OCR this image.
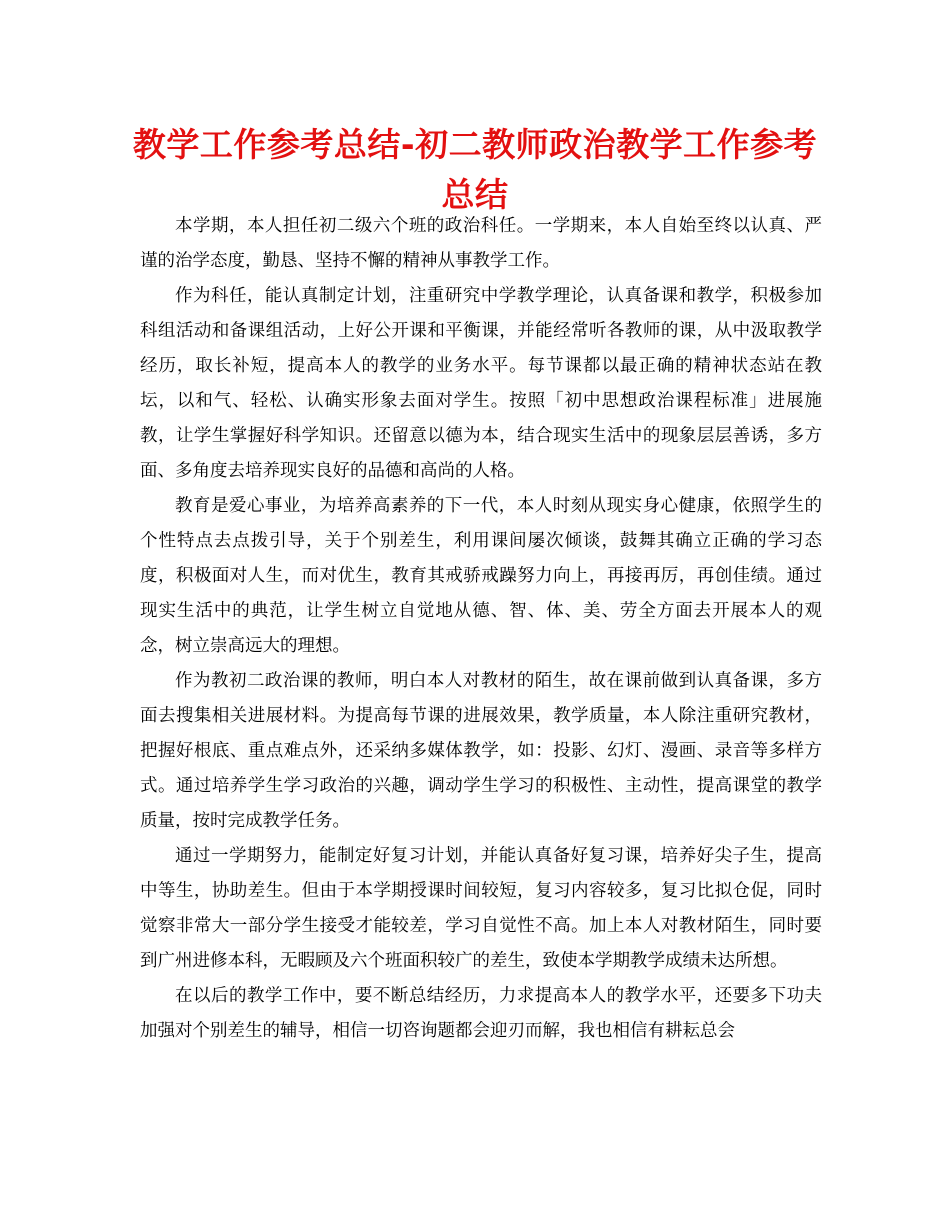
教学工作参考总结-初二教师政治教学工作参考总结

本学期，本人担任初二级六个班的政治科任。一学期来，本人自始至终以认真、严谨的治学态度，勤恳、坚持不懈的精神从事教学工作。

作为科任，能认真制定计划，注重研究中学教学理论，认真备课和教学，积极参加科组活动和备课组活动，上好公开课和平衡课，并能经常听各教师的课，从中汲取教学经历，取长补短，提高本人的教学的业务水平。每节课都以最正确的精神状态站在教坛，以和气、轻松、认确实形象去面对学生。按照「初中思想政治课程标准」进展施教，让学生掌握好科学知识。还留意以德为本，结合现实生活中的现象层层善诱，多方面、多角度去培养现实良好的品德和高尚的人格。

教育是爱心事业，为培养高素养的下一代，本人时刻从现实身心健康，依照学生的个性特点去点拨引导，关于个别差生，利用课间屡次倾谈，鼓舞其确立正确的学习态度，积极面对人生，而对优生，教育其戒骄戒躁努力向上，再接再厉，再创佳绩。通过现实生活中的典范，让学生树立自觉地从德、智、体、美、劳全方面去开展本人的观念，树立崇高远大的理想。

作为教初二政治课的教师，明白本人对教材的陌生，故在课前做到认真备课，多方面去搜集相关进展材料。为提高每节课的进展效果，教学质量，本人除注重研究教材，把握好根底、重点难点外，还采纳多媒体教学，如：投影、幻灯、漫画、录音等多样方式。通过培养学生学习政治的兴趣，调动学生学习的积极性、主动性，提高课堂的教学质量，按时完成教学任务。

通过一学期努力，能制定好复习计划，并能认真备好复习课，培养好尖子生，提高中等生，协助差生。但由于本学期授课时间较短，复习内容较多，复习比拟仓促，同时觉察非常大一部分学生接受才能较差，学习自觉性不高。加上本人对教材陌生，同时要到广州进修本科，无暇顾及六个班面积较广的差生，致使本学期教学成绩未达所想。

在以后的教学工作中，要不断总结经历，力求提高本人的教学水平，还要多下功夫加强对个别差生的辅导，相信一切咨询题都会迎刃而解，我也相信有耕耘总会
